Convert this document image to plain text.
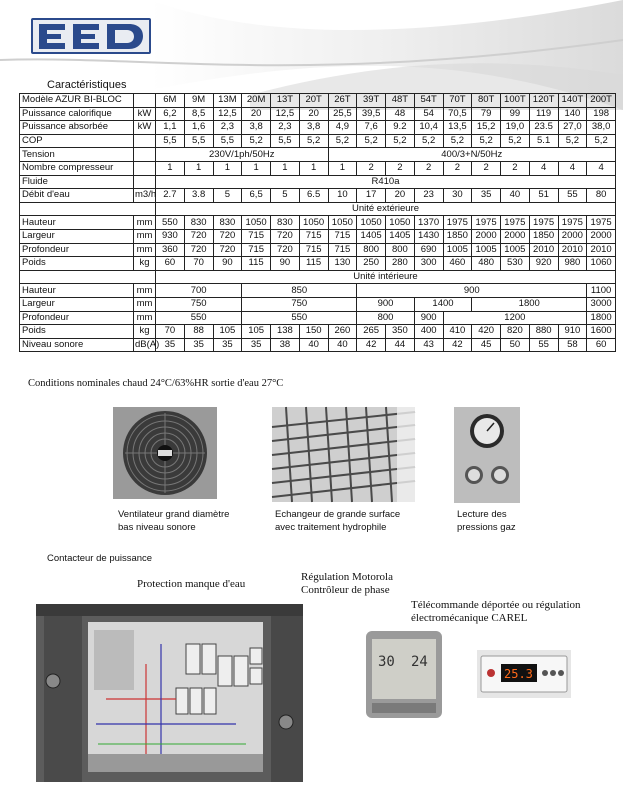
Caractéristiques
Modèle AZUR BI-BLOC		6M	9M	13M	20M	13T	20T	26T	39T	48T	54T	70T	80T	100T	120T	140T	200T
Puissance calorifique	kW	6,2	8,5	12,5	20	12,5	20	25,5	39,5	48	54	70,5	79	99	119	140	198
Puissance absorbée	kW	1,1	1,6	2,3	3,8	2,3	3,8	4,9	7,6	9.2	10,4	13,5	15,2	19,0	23.5	27,0	38,0
COP		5,5	5,5	5,5	5,2	5,5	5,2	5,2	5,2	5,2	5,2	5,2	5,2	5,2	5.1	5,2	5,2
Tension		230V/1ph/50Hz						400/3+N/50Hz									
Nombre compresseur		1	1	1	1	1	1	1	2	2	2	2	2	2	4	4	4
Fluide		R410a															
Débit d'eau	m3/h	2.7	3.8	5	6,5	5	6.5	10	17	20	23	30	35	40	51	55	80
		Unité extérieure															
Hauteur	mm	550	830	830	1050	830	1050	1050	1050	1050	1370	1975	1975	1975	1975	1975	1975
Largeur	mm	930	720	720	715	720	715	715	1405	1405	1430	1850	2000	2000	1850	2000	2000
Profondeur	mm	360	720	720	715	720	715	715	800	800	690	1005	1005	1005	2010	2010	2010
Poids	kg	60	70	90	115	90	115	130	250	280	300	460	480	530	920	980	1060
		Unité intérieure															
Hauteur	mm	700			850				900								1100
Largeur	mm	750			750				900		1400		1800				3000
Profondeur	mm	550			550				800		900	1200					1800
Poids	kg	70	88	105	105	138	150	260	265	350	400	410	420	820	880	910	1600
Niveau sonore	dB(A)	35	35	35	35	38	40	40	42	44	43	42	45	50	55	58	60
Conditions nominales chaud 24°C/63%HR sortie d'eau 27°C
Ventilateur grand diamètre bas niveau sonore
Echangeur de grande surface avec traitement hydrophile
Lecture des pressions gaz
Contacteur de puissance
Protection manque d'eau
Régulation Motorola
Contrôleur de phase
Télécommande déportée ou régulation
électromécanique CAREL
30 24
25.3
